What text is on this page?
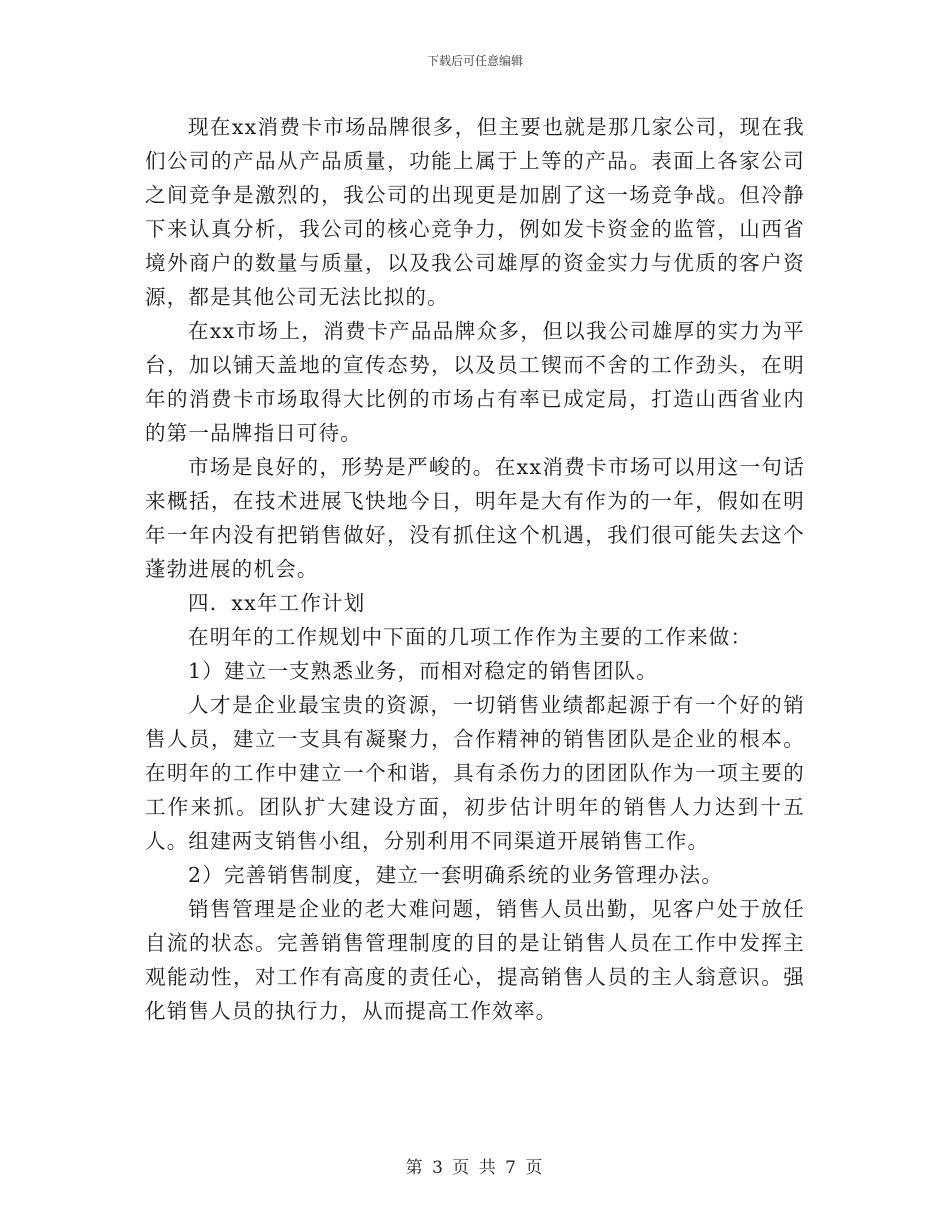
下载后可任意编辑

现在xx消费卡市场品牌很多，但主要也就是那几家公司，现在我们公司的产品从产品质量，功能上属于上等的产品。表面上各家公司之间竞争是激烈的，我公司的出现更是加剧了这一场竞争战。但冷静下来认真分析，我公司的核心竞争力，例如发卡资金的监管，山西省境外商户的数量与质量，以及我公司雄厚的资金实力与优质的客户资源，都是其他公司无法比拟的。

在xx市场上，消费卡产品品牌众多，但以我公司雄厚的实力为平台，加以铺天盖地的宣传态势，以及员工锲而不舍的工作劲头，在明年的消费卡市场取得大比例的市场占有率已成定局，打造山西省业内的第一品牌指日可待。

市场是良好的，形势是严峻的。在xx消费卡市场可以用这一句话来概括，在技术进展飞快地今日，明年是大有作为的一年，假如在明年一年内没有把销售做好，没有抓住这个机遇，我们很可能失去这个蓬勃进展的机会。

四．xx年工作计划

在明年的工作规划中下面的几项工作作为主要的工作来做：

1）建立一支熟悉业务，而相对稳定的销售团队。

人才是企业最宝贵的资源，一切销售业绩都起源于有一个好的销售人员，建立一支具有凝聚力，合作精神的销售团队是企业的根本。在明年的工作中建立一个和谐，具有杀伤力的团团队作为一项主要的工作来抓。团队扩大建设方面，初步估计明年的销售人力达到十五人。组建两支销售小组，分别利用不同渠道开展销售工作。

2）完善销售制度，建立一套明确系统的业务管理办法。

销售管理是企业的老大难问题，销售人员出勤，见客户处于放任自流的状态。完善销售管理制度的目的是让销售人员在工作中发挥主观能动性，对工作有高度的责任心，提高销售人员的主人翁意识。强化销售人员的执行力，从而提高工作效率。

第 3 页 共 7 页
